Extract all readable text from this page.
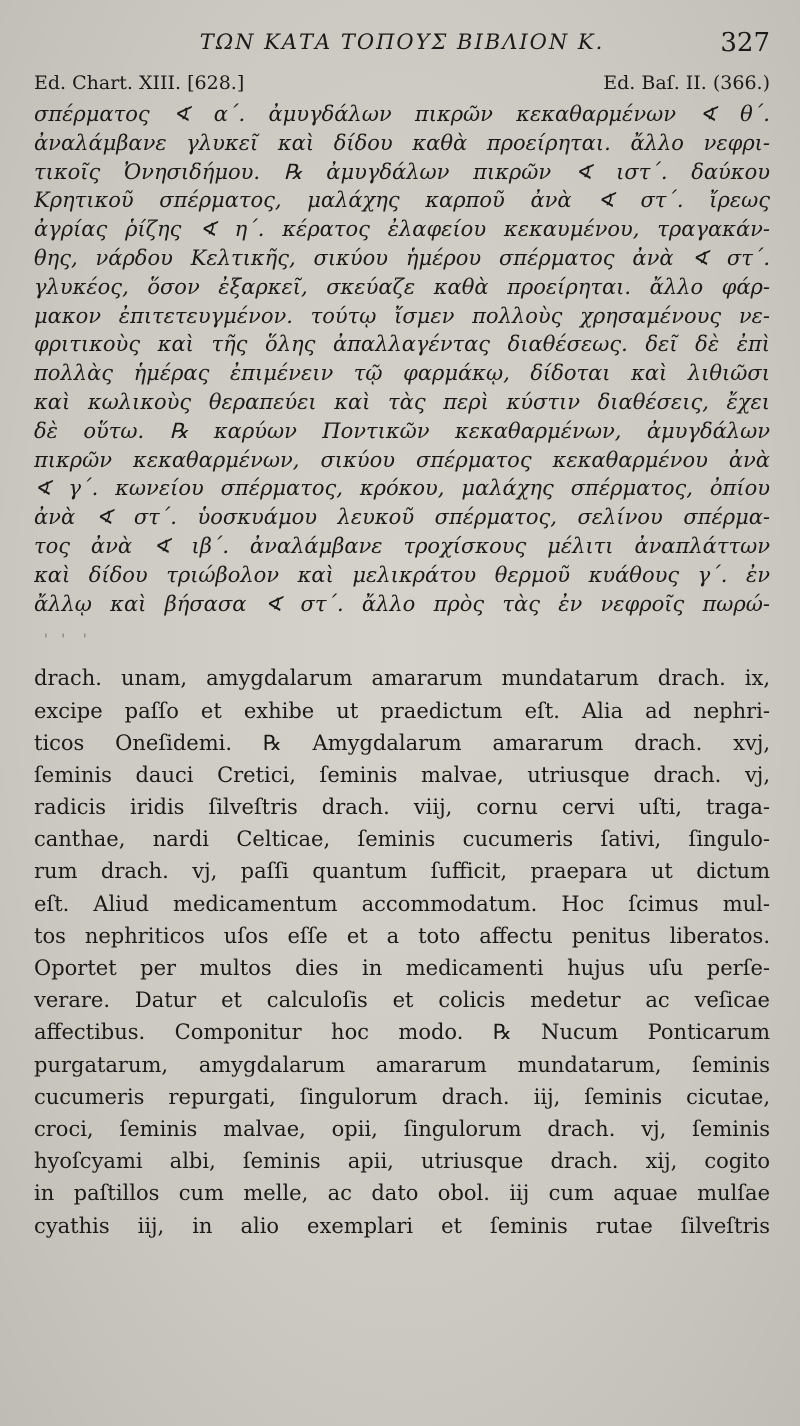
ΤΩΝ ΚΑΤΑ ΤΟΠΟΥΣ ΒΙΒΛΙΟΝ Κ.	327
Ed. Chart. XIII. [628.]	Ed. Baſ. II. (366.)
σπέρματος ∢ α΄. ἀμυγδάλων πικρῶν κεκαθαρμένων ∢ θ΄.
ἀναλάμβανε γλυκεῖ καὶ δίδου καθὰ προείρηται. ἄλλο νεφρι-
τικοῖς Ὀνησιδήμου. ℞ ἀμυγδάλων πικρῶν ∢ ιστ΄. δαύκου
Κρητικοῦ σπέρματος, μαλάχης καρποῦ ἀνὰ ∢ στ΄. ἴρεως
ἀγρίας ῥίζης ∢ η΄. κέρατος ἐλαφείου κεκαυμένου, τραγακάν-
θης, νάρδου Κελτικῆς, σικύου ἡμέρου σπέρματος ἀνὰ ∢ στ΄.
γλυκέος, ὅσον ἐξαρκεῖ, σκεύαζε καθὰ προείρηται. ἄλλο φάρ-
μακον ἐπιτετευγμένον. τούτῳ ἴσμεν πολλοὺς χρησαμένους νε-
φριτικοὺς καὶ τῆς ὅλης ἀπαλλαγέντας διαθέσεως. δεῖ δὲ ἐπὶ
πολλὰς ἡμέρας ἐπιμένειν τῷ φαρμάκῳ, δίδοται καὶ λιθιῶσι
καὶ κωλικοὺς θεραπεύει καὶ τὰς περὶ κύστιν διαθέσεις, ἔχει
δὲ οὕτω. ℞ καρύων Ποντικῶν κεκαθαρμένων, ἀμυγδάλων
πικρῶν κεκαθαρμένων, σικύου σπέρματος κεκαθαρμένου ἀνὰ
∢ γ΄. κωνείου σπέρματος, κρόκου, μαλάχης σπέρματος, ὀπίου
ἀνὰ ∢ στ΄. ὑοσκυάμου λευκοῦ σπέρματος, σελίνου σπέρμα-
τος ἀνὰ ∢ ιβ΄. ἀναλάμβανε τροχίσκους μέλιτι ἀναπλάττων
καὶ δίδου τριώβολον καὶ μελικράτου θερμοῦ κυάθους γ΄. ἐν
ἄλλῳ καὶ βήσασα ∢ στ΄. ἄλλο πρὸς τὰς ἐν νεφροῖς πωρώ-
'   '    '
drach. unam, amygdalarum amararum mundatarum drach. ix,
excipe paſſo et exhibe ut praedictum eſt. Alia ad nephri-
ticos Oneſidemi. ℞ Amygdalarum amararum drach. xvj,
ſeminis dauci Cretici, ſeminis malvae, utriusque drach. vj,
radicis iridis ſilveſtris drach. viij, cornu cervi uſti, traga-
canthae, nardi Celticae, ſeminis cucumeris ſativi, ſingulo-
rum drach. vj, paſſi quantum ſufficit, praepara ut dictum
eſt. Aliud medicamentum accommodatum. Hoc ſcimus mul-
tos nephriticos uſos eſſe et a toto affectu penitus liberatos.
Oportet per multos dies in medicamenti hujus uſu perſe-
verare. Datur et calculoſis et colicis medetur ac veſicae
affectibus. Componitur hoc modo. ℞ Nucum Ponticarum
purgatarum, amygdalarum amararum mundatarum, ſeminis
cucumeris repurgati, ſingulorum drach. iij, ſeminis cicutae,
croci, ſeminis malvae, opii, ſingulorum drach. vj, ſeminis
hyoſcyami albi, ſeminis apii, utriusque drach. xij, cogito
in paſtillos cum melle, ac dato obol. iij cum aquae mulſae
cyathis iij, in alio exemplari et ſeminis rutae ſilveſtris
